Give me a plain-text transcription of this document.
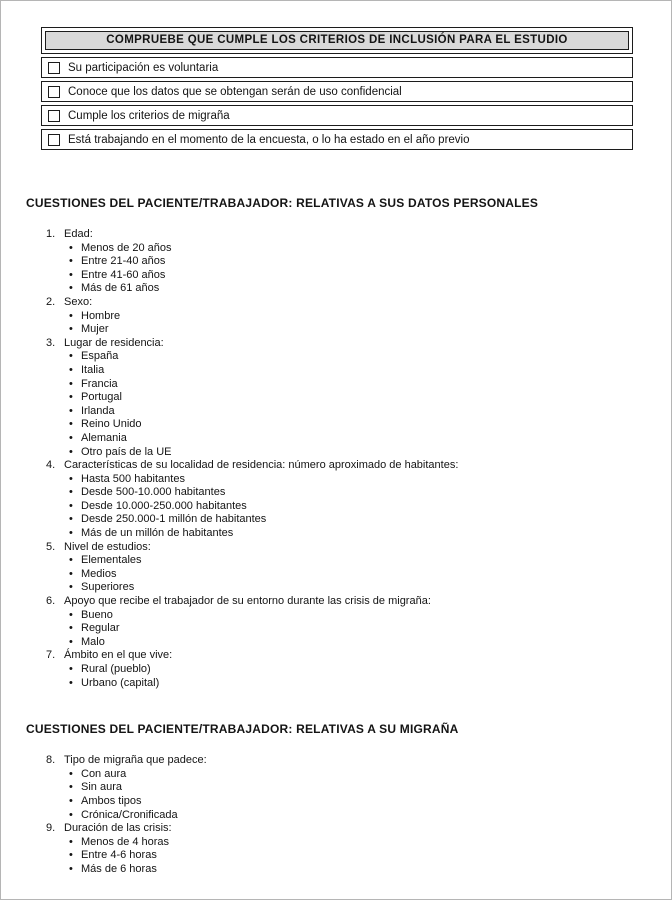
COMPRUEBE QUE CUMPLE LOS CRITERIOS DE INCLUSIÓN PARA EL ESTUDIO
Su participación es voluntaria
Conoce que los datos que se obtengan serán de uso confidencial
Cumple los criterios de migraña
Está trabajando en el momento de la encuesta, o lo ha estado en el año previo
CUESTIONES DEL PACIENTE/TRABAJADOR: RELATIVAS A SUS DATOS PERSONALES
1. Edad:
• Menos de 20 años
• Entre 21-40 años
• Entre 41-60 años
• Más de 61 años
2. Sexo:
• Hombre
• Mujer
3. Lugar de residencia:
• España
• Italia
• Francia
• Portugal
• Irlanda
• Reino Unido
• Alemania
• Otro país de la UE
4. Características de su localidad de residencia: número aproximado de habitantes:
• Hasta 500 habitantes
• Desde 500-10.000 habitantes
• Desde 10.000-250.000 habitantes
• Desde 250.000-1 millón de habitantes
• Más de un millón de habitantes
5. Nivel de estudios:
• Elementales
• Medios
• Superiores
6. Apoyo que recibe el trabajador de su entorno durante las crisis de migraña:
• Bueno
• Regular
• Malo
7. Ámbito en el que vive:
• Rural (pueblo)
• Urbano (capital)
CUESTIONES DEL PACIENTE/TRABAJADOR: RELATIVAS A SU MIGRAÑA
8. Tipo de migraña que padece:
• Con aura
• Sin aura
• Ambos tipos
• Crónica/Cronificada
9. Duración de las crisis:
• Menos de 4 horas
• Entre 4-6 horas
• Más de 6 horas
